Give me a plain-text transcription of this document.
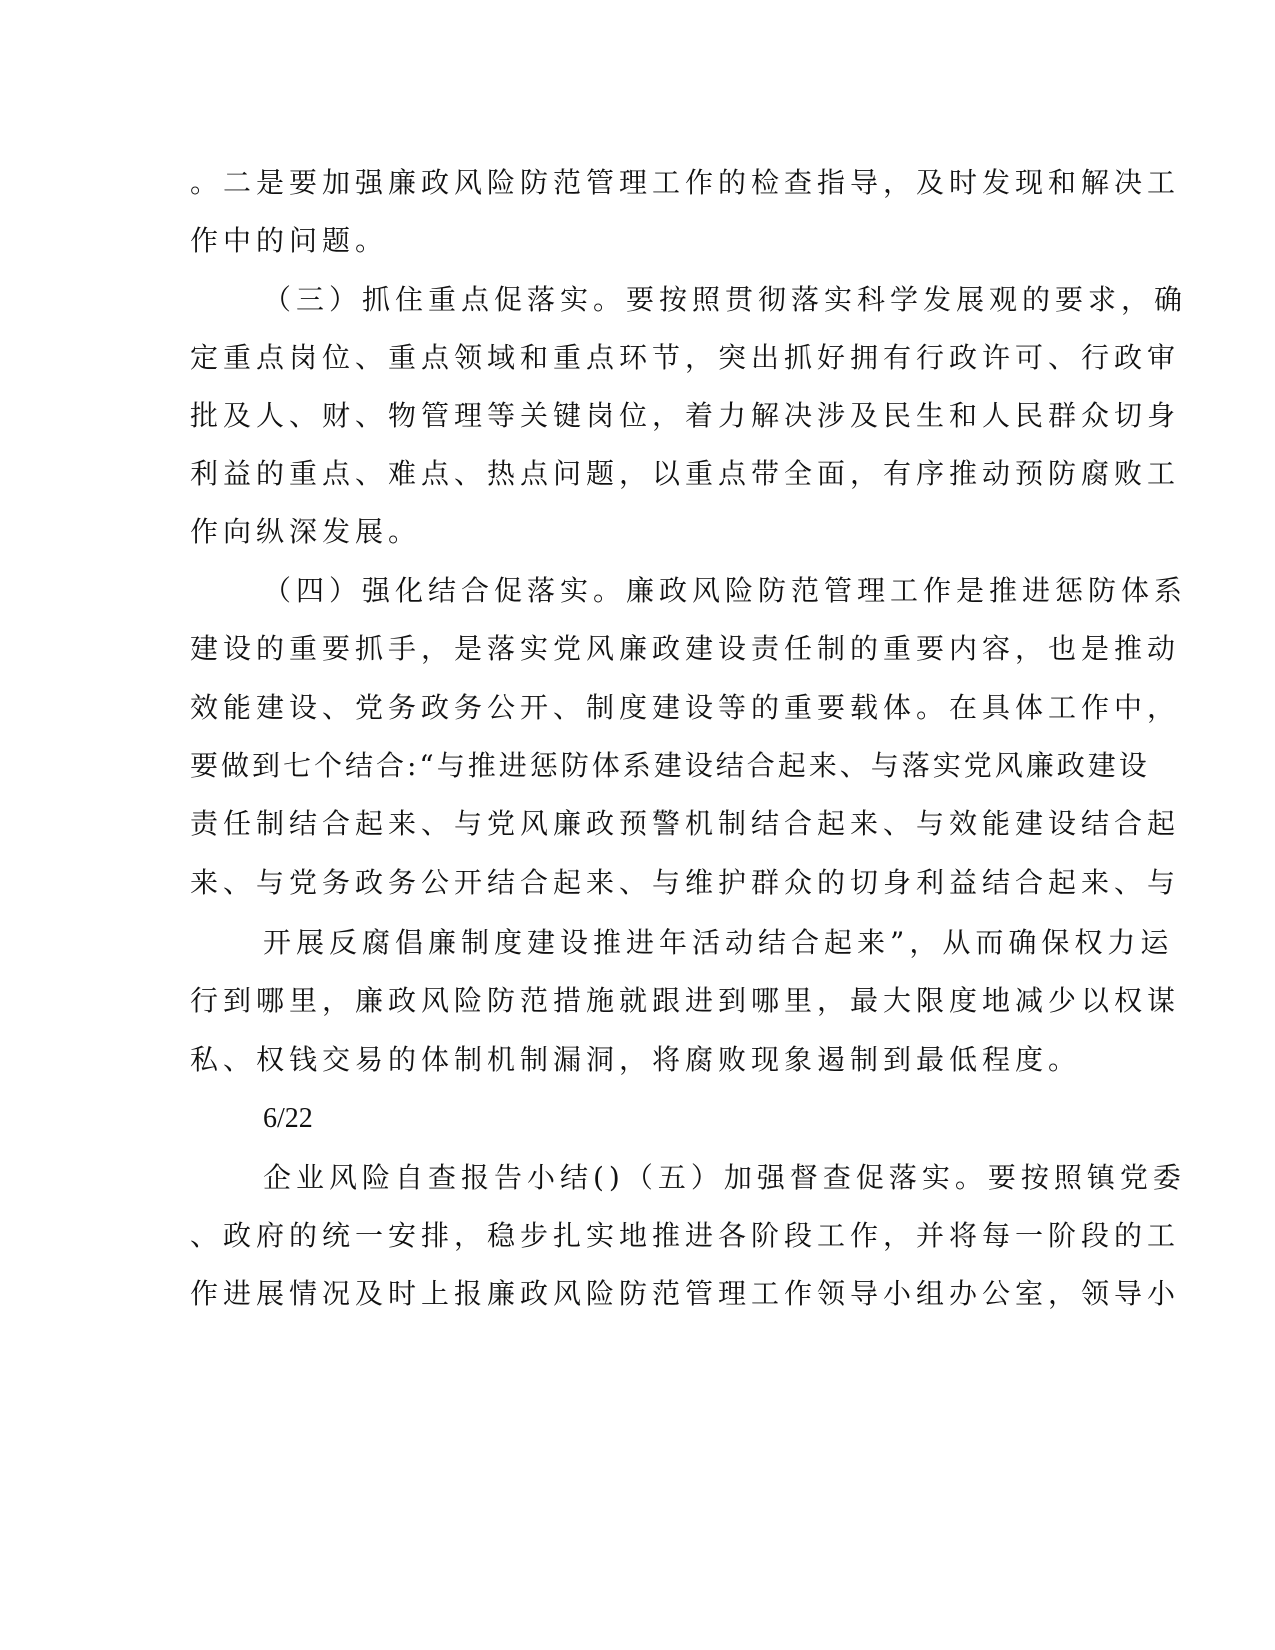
。二是要加强廉政风险防范管理工作的检查指导，及时发现和解决工
作中的问题。
（三）抓住重点促落实。要按照贯彻落实科学发展观的要求，确
定重点岗位、重点领域和重点环节，突出抓好拥有行政许可、行政审
批及人、财、物管理等关键岗位，着力解决涉及民生和人民群众切身
利益的重点、难点、热点问题，以重点带全面，有序推动预防腐败工
作向纵深发展。
（四）强化结合促落实。廉政风险防范管理工作是推进惩防体系
建设的重要抓手，是落实党风廉政建设责任制的重要内容，也是推动
效能建设、党务政务公开、制度建设等的重要载体。在具体工作中，
要做到七个结合:“与推进惩防体系建设结合起来、与落实党风廉政建设
责任制结合起来、与党风廉政预警机制结合起来、与效能建设结合起
来、与党务政务公开结合起来、与维护群众的切身利益结合起来、与
开展反腐倡廉制度建设推进年活动结合起来”，从而确保权力运
行到哪里，廉政风险防范措施就跟进到哪里，最大限度地减少以权谋
私、权钱交易的体制机制漏洞，将腐败现象遏制到最低程度。
6/22
企业风险自查报告小结()（五）加强督查促落实。要按照镇党委
、政府的统一安排，稳步扎实地推进各阶段工作，并将每一阶段的工
作进展情况及时上报廉政风险防范管理工作领导小组办公室，领导小
